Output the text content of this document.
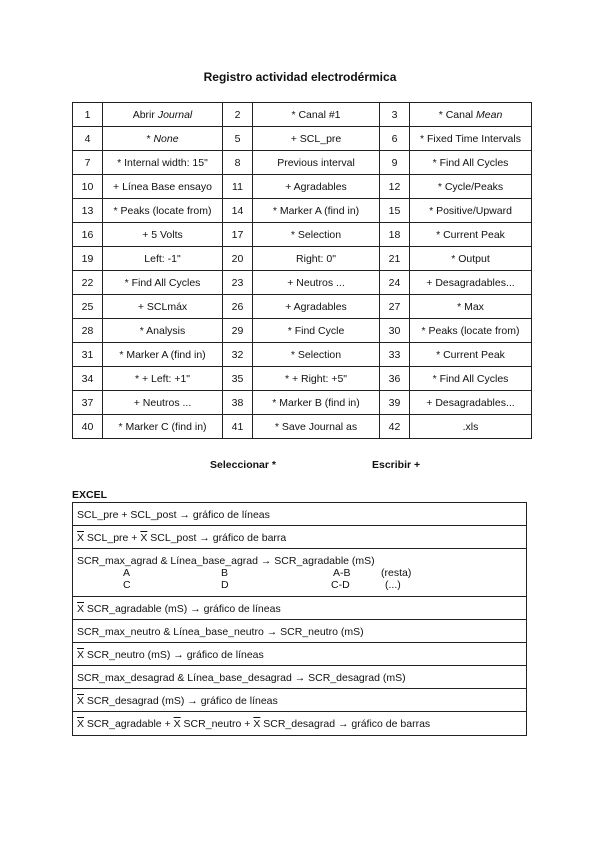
Registro actividad electrodérmica
1	Abrir Journal	2	* Canal #1	3	* Canal Mean
4	* None	5	+ SCL_pre	6	* Fixed Time Intervals
7	* Internal width: 15"	8	Previous interval	9	* Find All Cycles
10	+ Línea Base ensayo	11	+ Agradables	12	* Cycle/Peaks
13	* Peaks (locate from)	14	* Marker A (find in)	15	* Positive/Upward
16	+ 5 Volts	17	* Selection	18	* Current Peak
19	Left: -1"	20	Right: 0"	21	* Output
22	* Find All Cycles	23	+ Neutros ...	24	+ Desagradables...
25	+ SCLmáx	26	+ Agradables	27	* Max
28	* Analysis	29	* Find Cycle	30	* Peaks (locate from)
31	* Marker A (find in)	32	* Selection	33	* Current Peak
34	* + Left: +1"	35	* + Right: +5"	36	* Find All Cycles
37	+ Neutros ...	38	* Marker B (find in)	39	+ Desagradables...
40	* Marker C (find in)	41	* Save Journal as	42	.xls
Seleccionar *	Escribir +
EXCEL
SCL_pre + SCL_post → gráfico de líneas
$\overline{X}$ SCL_pre + $\overline{X}$ SCL_post → gráfico de barra
SCR_max_agrad & Línea_base_agrad → SCR_agradable (mS)
A	B	A-B	(resta)
C	D	C-D	(...)
$\overline{X}$ SCR_agradable (mS) → gráfico de líneas
SCR_max_neutro & Línea_base_neutro → SCR_neutro (mS)
$\overline{X}$ SCR_neutro (mS) → gráfico de líneas
SCR_max_desagrad & Línea_base_desagrad → SCR_desagrad (mS)
$\overline{X}$ SCR_desagrad (mS) → gráfico de líneas
$\overline{X}$ SCR_agradable + $\overline{X}$ SCR_neutro + $\overline{X}$ SCR_desagrad → gráfico de barras
